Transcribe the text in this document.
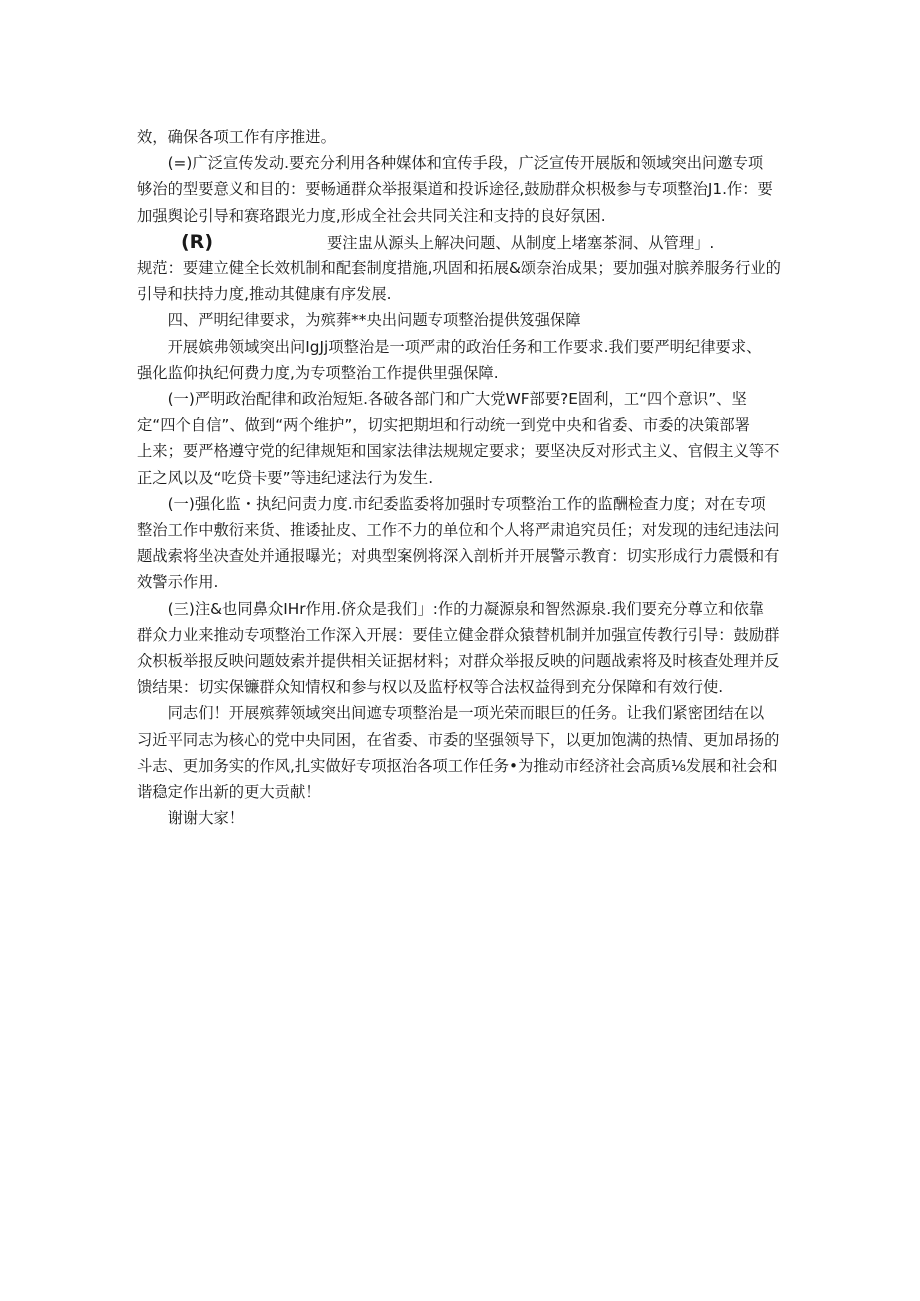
效，确保各项工作有序推进。

(=)广泛宣传发动.要充分利用各种媒体和宜传手段，广泛宣传开展版和领域突出问邀专项
够治的型要意义和目的：要畅通群众举报渠道和投诉途径,鼓励群众枳极参与专项整治J1.作：要
加强舆论引导和赛珞跟光力度,形成全社会共同关注和支持的良好氛困.

(R)	要注盅从源头上解决问题、从制度上堵塞茶洞、从管理」.

规范：要建立健全长效机制和配套制度措施,巩固和拓展&颂奈治成果；要加强对膑养服务行业的
引导和扶持力度,推动其健康有序发展.

四、严明纪律要求，为殡葬**央出问题专项整治提供笈强保障

开展嫔弗领域突出问IgJj项整治是一项严肃的政治任务和工作要求.我们要严明纪律要求、
强化监仰执纪何费力度,为专项整治工作提供里强保障.

(一)严明政治配律和政治短矩.各破各部门和广大党WF部要?E固利，工“四个意识”、坚
定“四个自信”、做到“两个维护”，切实把期坦和行动统一到党中央和省委、市委的决策部署
上来；要严格遵守党的纪律规矩和国家法律法规规定要求；要坚决反对形式主义、官假主义等不
正之风以及“吃贷卡要”等违纪逑法行为发生.

(一)强化监・执纪问责力度.市纪委监委将加强时专项整治工作的监酬检查力度；对在专项
整治工作中敷衍来货、推诿扯皮、工作不力的单位和个人将严肃追究员任；对发现的违纪违法问
题战索将坐决查处并通报曝光；对典型案例将深入剖析并开展警示教育：切实形成行力震慑和有
效警示作用.

(三)注&也同鼻众IHr作用.侪众是我们」:作的力凝源泉和智然源泉.我们要充分尊立和依靠
群众力业来推动专项整治工作深入开展：要佳立健金群众猿替机制并加强宣传教行引导：鼓励群
众枳板举报反映问题妓索并提供相关证据材料；对群众举报反映的问题战索将及时核查处理并反
馈结果：切实保镰群众知情权和参与权以及监杼权等合法权益得到充分保障和有效行使.

同志们！开展殡葬领域突出间遮专项整治是一项光荣而眼巨的任务。让我们紧密团结在以
习近平同志为核心的党中央同困，在省委、市委的坚强领导下，以更加饱满的热情、更加昂扬的
斗志、更加务实的作风,扎实做好专项抠治各项工作任务•为推动市经济社会高质⅛发展和社会和
谐稳定作出新的更大贡献！

谢谢大家！
